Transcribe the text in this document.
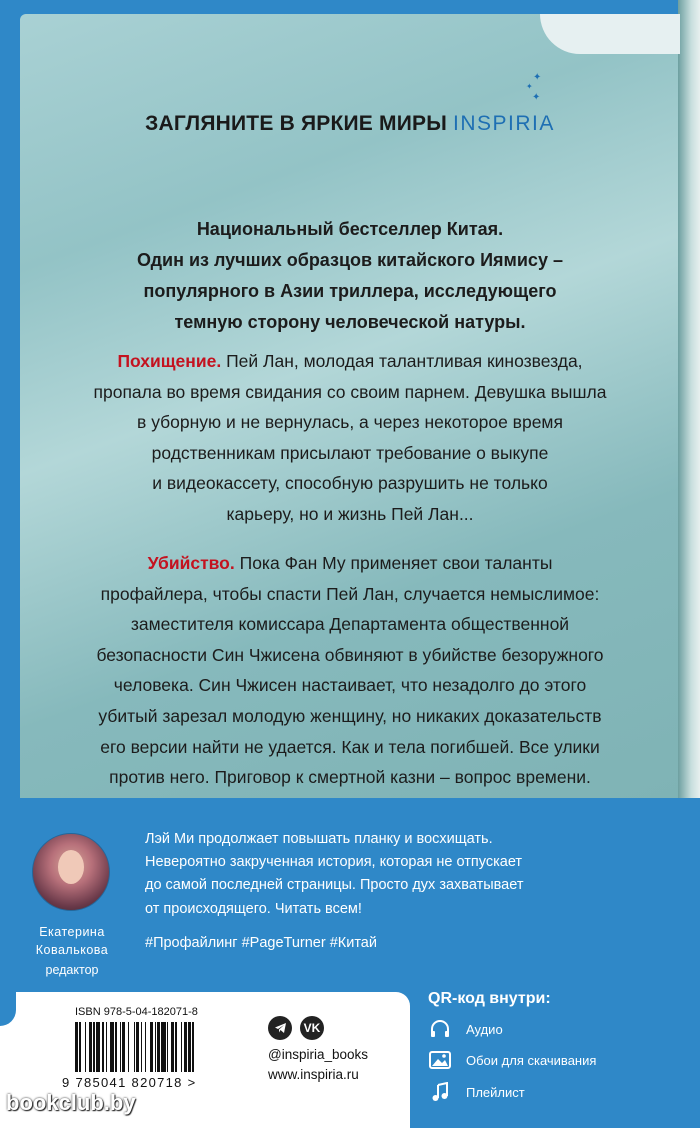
✦
✦
✦
ЗАГЛЯНИТЕ В ЯРКИЕ МИРЫ INSPIRIA
Национальный бестселлер Китая.
Один из лучших образцов китайского Иямису –
популярного в Азии триллера, исследующего
темную сторону человеческой натуры.
Похищение. Пей Лан, молодая талантливая кинозвезда,
пропала во время свидания со своим парнем. Девушка вышла
в уборную и не вернулась, а через некоторое время
родственникам присылают требование о выкупе
и видеокассету, способную разрушить не только
карьеру, но и жизнь Пей Лан...
Убийство. Пока Фан Му применяет свои таланты
профайлера, чтобы спасти Пей Лан, случается немыслимое:
заместителя комиссара Департамента общественной
безопасности Син Чжисена обвиняют в убийстве безоружного
человека. Син Чжисен настаивает, что незадолго до этого
убитый зарезал молодую женщину, но никаких доказательств
его версии найти не удается. Как и тела погибшей. Все улики
против него. Приговор к смертной казни – вопрос времени.
Екатерина
Ковалькова
редактор
Лэй Ми продолжает повышать планку и восхищать.
Невероятно закрученная история, которая не отпускает
до самой последней страницы. Просто дух захватывает
от происходящего. Читать всем!
#Профайлинг #PageTurner #Китай
ISBN 978-5-04-182071-8
9 785041 820718 >
VK
@inspiria_books
www.inspiria.ru
QR-код внутри:
Аудио
Обои для скачивания
Плейлист
bookclub.by
